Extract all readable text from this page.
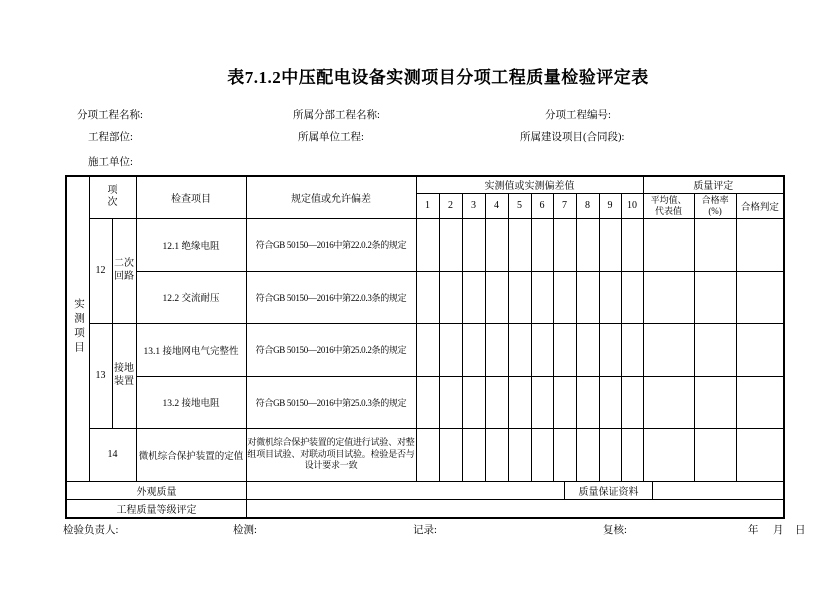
表7.1.2中压配电设备实测项目分项工程质量检验评定表
分项工程名称:	所属分部工程名称:	分项工程编号:
工程部位:	所属单位工程:	所属建设项目(合同段):
施工单位:
实测项目	项次		检查项目	规定值或允许偏差	实测值或实测偏差值										质量评定		
					1	2	3	4	5	6	7	8	9	10	平均值、代表值	合格率(%)	合格判定
	12	二次回路	12.1 绝缘电阻	符合GB 50150—2016中第22.0.2条的规定													
			12.2 交流耐压	符合GB 50150—2016中第22.0.3条的规定													
	13	接地装置	13.1 接地网电气完整性	符合GB 50150—2016中第25.0.2条的规定													
			13.2 接地电阻	符合GB 50150—2016中第25.0.3条的规定													
	14		微机综合保护装置的定值	对微机综合保护装置的定值进行试验、对整组项目试验、对联动项目试验。检验是否与设计要求一致													

外观质量 质量保证资料																	

工程质量等级评定																	
检验负责人:	检测:	记录:	复核:	年 月 日
